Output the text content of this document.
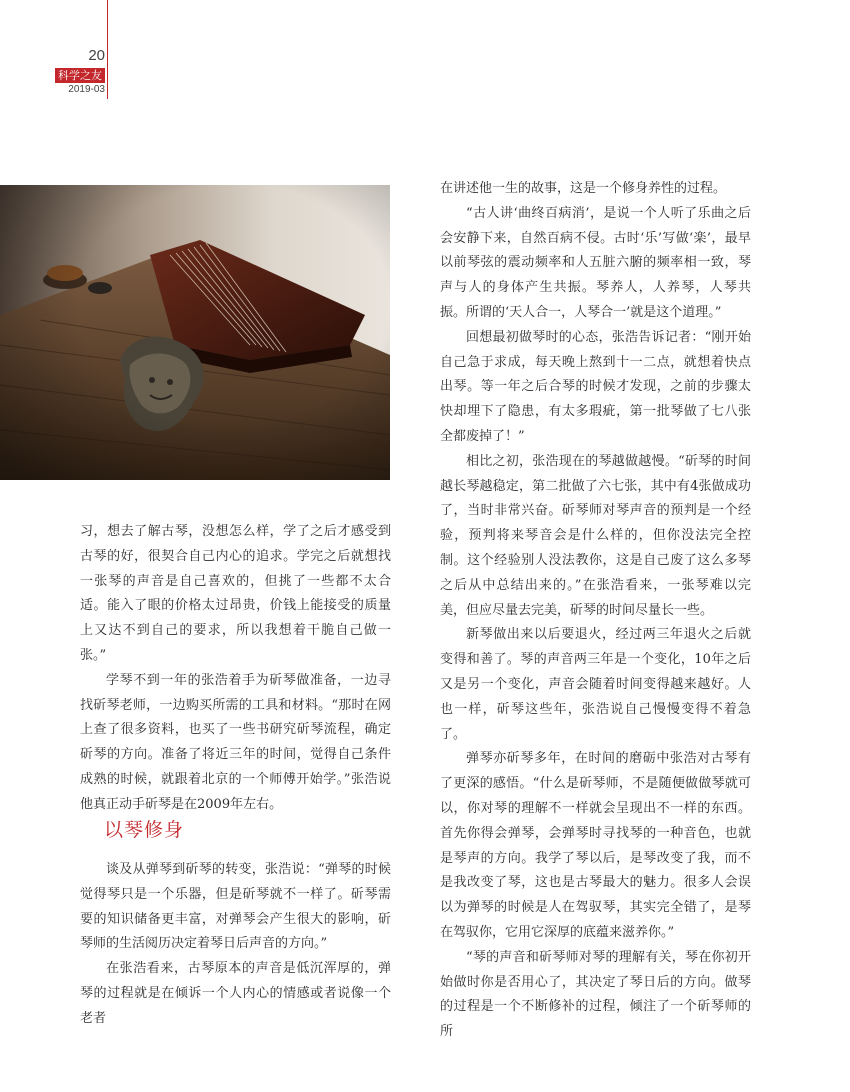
20
科学之友
2019-03

习，想去了解古琴，没想怎么样，学了之后才感受到古琴的好，很契合自己内心的追求。学完之后就想找一张琴的声音是自己喜欢的，但挑了一些都不太合适。能入了眼的价格太过昂贵，价钱上能接受的质量上又达不到自己的要求，所以我想着干脆自己做一张。”

学琴不到一年的张浩着手为斫琴做准备，一边寻找斫琴老师，一边购买所需的工具和材料。“那时在网上查了很多资料，也买了一些书研究斫琴流程，确定斫琴的方向。准备了将近三年的时间，觉得自己条件成熟的时候，就跟着北京的一个师傅开始学。”张浩说他真正动手斫琴是在2009年左右。

以琴修身

谈及从弹琴到斫琴的转变，张浩说：“弹琴的时候觉得琴只是一个乐器，但是斫琴就不一样了。斫琴需要的知识储备更丰富，对弹琴会产生很大的影响，斫琴师的生活阅历决定着琴日后声音的方向。”

在张浩看来，古琴原本的声音是低沉浑厚的，弹琴的过程就是在倾诉一个人内心的情感或者说像一个老者

在讲述他一生的故事，这是一个修身养性的过程。

“古人讲‘曲终百病消’，是说一个人听了乐曲之后会安静下来，自然百病不侵。古时‘乐’写做‘楽’，最早以前琴弦的震动频率和人五脏六腑的频率相一致，琴声与人的身体产生共振。琴养人，人养琴，人琴共振。所谓的‘天人合一，人琴合一’就是这个道理。”

回想最初做琴时的心态，张浩告诉记者：“刚开始自己急于求成，每天晚上熬到十一二点，就想着快点出琴。等一年之后合琴的时候才发现，之前的步骤太快却埋下了隐患，有太多瑕疵，第一批琴做了七八张全都废掉了！”

相比之初，张浩现在的琴越做越慢。“斫琴的时间越长琴越稳定，第二批做了六七张，其中有4张做成功了，当时非常兴奋。斫琴师对琴声音的预判是一个经验，预判将来琴音会是什么样的，但你没法完全控制。这个经验别人没法教你，这是自己废了这么多琴之后从中总结出来的。”在张浩看来，一张琴难以完美，但应尽量去完美，斫琴的时间尽量长一些。

新琴做出来以后要退火，经过两三年退火之后就变得和善了。琴的声音两三年是一个变化，10年之后又是另一个变化，声音会随着时间变得越来越好。人也一样，斫琴这些年，张浩说自己慢慢变得不着急了。

弹琴亦斫琴多年，在时间的磨砺中张浩对古琴有了更深的感悟。“什么是斫琴师，不是随便做做琴就可以，你对琴的理解不一样就会呈现出不一样的东西。首先你得会弹琴，会弹琴时寻找琴的一种音色，也就是琴声的方向。我学了琴以后，是琴改变了我，而不是我改变了琴，这也是古琴最大的魅力。很多人会误以为弹琴的时候是人在驾驭琴，其实完全错了，是琴在驾驭你，它用它深厚的底蕴来滋养你。”

“琴的声音和斫琴师对琴的理解有关，琴在你初开始做时你是否用心了，其决定了琴日后的方向。做琴的过程是一个不断修补的过程，倾注了一个斫琴师的所
